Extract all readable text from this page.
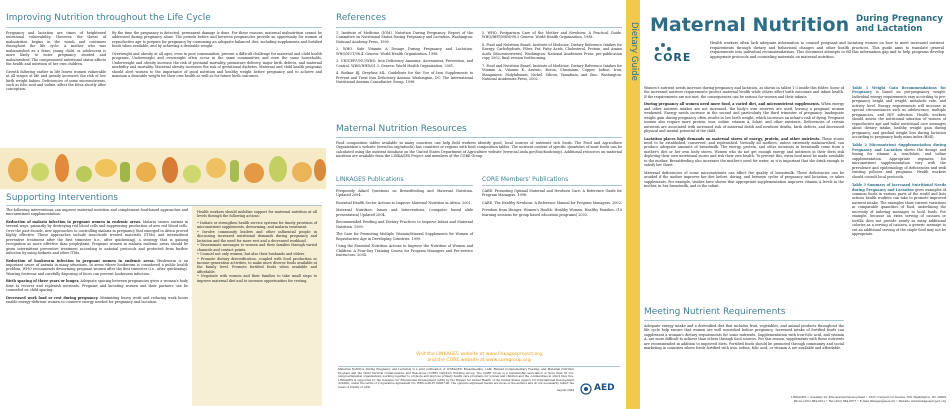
Improving Nutrition throughout the Life Cycle

Pregnancy and lactation are times of heightened nutritional vulnerability. However, the threat of malnutrition begins in the womb and continues throughout the life cycle. A mother who was malnourished as a fetus, young child, or adolescent is more likely to enter pregnancy stunted and malnourished. The compromised nutritional status affects the health and nutrition of her own children.

Growth faltering earlier in life leaves women vulnerable at all stages of life and greatly increases the risk of low birth weight babies. Deficiencies of some micronutrients, such as folic acid and iodine, affect the fetus shortly after conception.

By the time the pregnancy is detected, permanent damage is done. For these reasons, maternal malnutrition cannot be addressed during pregnancy alone. The periods before and between pregnancies provide an opportunity for women of reproductive age to prepare for pregnancy by consuming an adequate balanced diet, including supplements and fortified foods when available, and by achieving a desirable weight.

Overweight and obesity at all ages, even in poor communities, present a difficult challenge for maternal and child health programs. Underweight and overweight often occur in the same communities and even the same households. Underweight and obesity increase the risk of perinatal mortality, premature delivery, major birth defects, and maternal morbidity and mortality. Maternal obesity increases the risk of gestational diabetes. Maternal and child health programs should alert women to the importance of good nutrition and healthy weight before pregnancy and to achieve and maintain a desirable weight for their own health as well as for future birth outcomes.

Supporting Interventions

The following interventions can improve maternal nutrition and complement food-based approaches and micronutrient supplementation:

Reduction of malaria infection in pregnant women in endemic areas. Malaria causes anemia in several ways, primarily by destroying red blood cells and suppressing production of new red blood cells. Over the past decade, new approaches to controlling malaria in pregnancy that emerged in Africa proved highly effective. These approaches include insecticide treated materials (ITMs) and intermittent preventive treatment after the first trimester (i.e., after quickening), a strategy that is gaining recognition as more effective than prophylaxis. Pregnant women in malaria endemic areas should be given intermittent preventive treatment according to national protocols and protected from further infection by using bednets and other ITMs.

Reduction of hookworm infection in pregnant women in endemic areas. Hookworm is an important cause of anemia in many situations. In areas where hookworm is considered a public health problem, WHO recommends deworming pregnant women after the first trimester (i.e., after quickening). Wearing footwear and carefully disposing of feces can prevent hookworm infection.

Birth spacing of three years or longer. Adequate spacing between pregnancies gives a woman's body time to recover and replenish nutrients. Pregnant and lactating women and their partners can be counseled on child spacing.

Decreased work load or rest during pregnancy. Minimizing heavy work and reducing work hours enable energy-deficient women to conserve energy needed for pregnancy and lactation.

Health workers should mobilize support for maternal nutrition at all levels through the following actions:

• Initiate or strengthen health service systems for timely provision of micronutrient supplements, deworming, and malaria treatment.

• Involve community leaders and other influential people in discussing increased nutritional demands during pregnancy and lactation and the need for more rest and a decreased workload.

• Disseminate messages to women and their families through varied channels and contact points.

• Counsel not only women, but also their husbands and elders.

• Promote dietary diversification, coupled with food production or income-generation activities, to make more diverse foods available at the family level. Promote fortified foods when available and affordable.

• Negotiate with women and their families to take small steps to improve maternal diet and to increase opportunities for resting.

References

1. Institute of Medicine (IOM). Nutrition During Pregnancy. Report of the Committee on Nutritional Status During Pregnancy and Lactation. Washington: National Academy Press, 1990.

2. WHO. Safe Vitamin A Dosage During Pregnancy and Lactation. WHO/NUT/98.4. Geneva: World Health Organization, 1998.

3. UNICEF/UNU/WHO. Iron Deficiency Anaemia: Assessment, Prevention, and Control. WHO/NHD/01.3. Geneva: World Health Organization, 2001.

4. Bodnar RJ, Dreyfuss ML. Guidelines for the Use of Iron Supplements to Prevent and Treat Iron Deficiency Anemia. Washington, DC: The International Nutritional Anemia Consultative Group, 1998.

5. WHO. Postpartum Care of the Mother and Newborn: A Practical Guide. WHO/RHT/MSM/98.3 Geneva: World Health Organization, 1998.

6. Food and Nutrition Board, Institute of Medicine. Dietary Reference Intakes for Energy, Carbohydrate, Fiber, Fat, Fatty Acids, Cholesterol, Protein, and Amino Acids (Macronutrients). Washington: National Academies Press, pre-publication copy 2002, final version forthcoming.

7. Food and Nutrition Board, Institute of Medicine. Dietary Reference Intakes for Vitamin A, Vitamin K, Arsenic, Boron, Chromium, Copper, Iodine, Iron, Manganese, Molybdenum, Nickel, Silicon, Vanadium, and Zinc. Washington: National Academies Press, 2002.

Maternal Nutrition Resources

Food composition tables available in many countries can help field workers identify good, local sources of nutrients rich foods. The Food and Agriculture Organization's website (www.fao.org/infoods) has countries or regions with food composition tables. The nutrient content of specific quantities of most foods can be calculated using the nutrient database on the United States Department of Agriculture website (www.nal.usda.gov/fnic/foodcomp). Additional resources on maternal nutrition are available from the LINKAGES Project and members of the CORE Group.

LINKAGES Publications

Frequently Asked Questions on Breastfeeding and Maternal Nutrition. Updated 2004.

Essential Health Sector Actions to Improve Maternal Nutrition in Africa. 2001.

Maternal Nutrition: Issues and Interventions. (computer based slide presentation) Updated 2004.

Recommended Feeding and Dietary Practices to Improve Infant and Maternal Nutrition. 1999.

The Case for Promoting Multiple Vitamin/Mineral Supplements for Women of Reproductive Age in Developing Countries. 1999.

Using the Essential Nutrition Actions to Improve the Nutrition of Women and Children: A Four-Day Training Course for Program Managers and Pre-service Instructors. 2004.

CORE Members' Publications

CARE. Promoting Optimal Maternal and Newborn Care: A Reference Guide for Program Managers. 1998.

CARE. The Healthy Newborn: A Reference Manual for Program Managers. 2002.

Freedom from Hunger. Women's Health: Healthy Women, Healthy Families. (10 learning sessions for group based education programs) 2003.

Visit the LINKAGES website at www.linkagesproject.org
and the CORE website at www.coregroup.org

Maternal Nutrition During Pregnancy and Lactation is a joint publication of LINKAGES: Breastfeeding, LAM, Related Complementary Feeding, and Maternal Nutrition Program and the Child Survival Collaborations and Resources (CORE) Nutrition Working Group. The CORE Group is a membership association of more than 35 U.S. nongovernmental organizations working together to promote and improve primary health care programs for women and children and the communities in which they live. LINKAGES is supported by the Academy for Educational Development (AED) by the Bureau for Global Health of the United States Agency for International Development (USAID), under the terms of Cooperative Agreement No. HRN-A-00-97-00007-00. The opinions expressed herein are those of the authors and do not necessarily reflect the views of USAID or AED.

August 2004 AED
Dietary Guide Maternal Nutrition During Pregnancy
and Lactation
CORE

Health workers often lack adequate information to counsel pregnant and lactating women on how to meet increased nutrient requirements through dietary and behavioral changes and other health practices. This guide aims to translate general requirements into individual recommendations. This document attempts to fill this information gap and to help programs develop appropriate protocols and counseling materials on maternal nutrition.

Women's nutrient needs increase during pregnancy and lactation, as shown in tables 1-3 inside this folder. Some of the increased nutrient requirements protect maternal health while others affect birth outcomes and infant health. If the requirements are not met, the consequences can be serious for women and their infants.

During pregnancy all women need more food, a varied diet, and micronutrient supplements. When energy and other nutrient intakes are not increased, the body's own reserves are used, leaving a pregnant woman weakened. Energy needs increase in the second and particularly the third trimester of pregnancy. Inadequate weight gain during pregnancy often results in low birth weight, which increases an infant's risk of dying. Pregnant women also require more protein, iron, iodine, vitamin A, folate, and other nutrients. Deficiencies of certain nutrients are associated with increased risk of maternal death and newborn deaths, birth defects, and decreased physical and mental potential of the child.

Lactation places high demands on maternal stores of energy, protein, and other nutrients. These stores need to be established, conserved, and replenished. Virtually all mothers, unless extremely malnourished, can produce adequate amounts of breastmilk. The energy, protein, and other nutrients in breastmilk come from a mother's diet or her own body stores. Women who do not get enough energy and nutrients in their diets risk depleting their own nutritional stores and risk their own health. To prevent this, extra food must be made available to the mother. Breastfeeding also increases the mother's need for water, so it is important that she drink enough to satisfy her thirst.

Maternal deficiencies of some micronutrients can affect the quality of breastmilk. These deficiencies can be avoided if the mother improves her diet before, during, and between cycles of pregnancy and lactation, or takes supplements. For example, studies have shown that appropriate supplementation improves vitamin A levels in the mother, in her breastmilk, and in the infant.

Meeting Nutrient Requirements

Adequate energy intake and a diversified diet that includes fruit, vegetables, and animal products throughout the life cycle help ensure that women are well nourished before pregnancy. Increased intake of fortified foods can supplement a woman's dietary requirements for some nutrients. Supplementation with iron-folic acid, and vitamin A, are more difficult to achieve than others through food sources. For this reason, supplements with these nutrients are recommended in addition to improved diets. Fortified foods should be promoted through community and social marketing in countries where foods fortified with iron, iodine, folic acid, or vitamin A are available and affordable.

Table 1 Weight Gain Recommendations for Pregnancy is based on pre-pregnancy weight. Individual energy requirements vary according to pre-pregnancy height and weight, metabolic rate, and activity level. Energy requirements will increase in special circumstances such as adolescence, multiple pregnancies, and HIV infection. Health workers should assess the nutritional situation of women of reproductive age and tailor nutritional care messages about dietary intake, healthy weight gain during pregnancy, and gradual weight loss during lactation according to pregnancy body mass index (BMI).

Table 2 Micronutrient Supplementation during Pregnancy and Lactation shows the dosage and timing for vitamin A, iron/folate, and iodine supplementation. Appropriate regimens for micronutrient supplementation vary with the prevalence and epidemiology of deficiencies and with existing policies and programs. Health workers should consult local protocols.

Table 3 Summary of Increased Nutritional Needs during Pregnancy and Lactation gives examples of common foods in various parts of the world and lists actions health workers can take to promote improved nutrient intake. The examples show current variations in comparable quantities of food, underlining the necessity of tailoring messages to local foods. For example, because an extra serving of cassava or tortilla does not provide nearly as many additional calories as a serving of cassava, a generic message to eat an additional serving of the staple food may not be appropriate.

LINKAGES • Academy for Educational Development • 1825 Connecticut Avenue, NW, Washington, DC 20009

Phone (202) 884-8221 • Fax (202) 884-8977 • E-mail linkages@aed.org • Website www.linkagesproject.org
